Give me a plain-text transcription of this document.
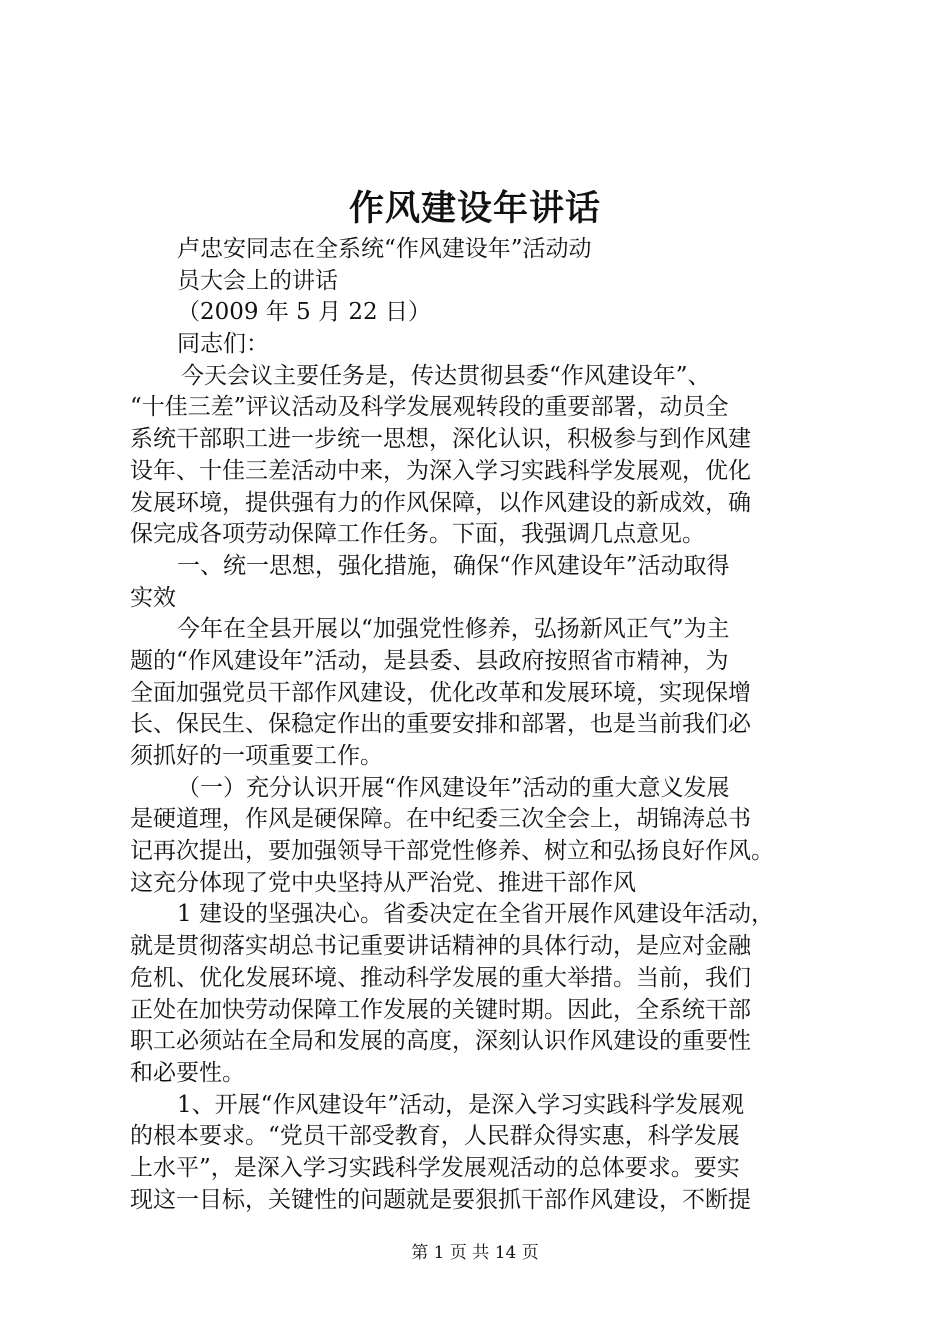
作风建设年讲话
卢忠安同志在全系统“作风建设年”活动动
员大会上的讲话
（2009 年 5 月 22 日）
同志们：
今天会议主要任务是，传达贯彻县委“作风建设年”、
“十佳三差”评议活动及科学发展观转段的重要部署，动员全
系统干部职工进一步统一思想，深化认识，积极参与到作风建
设年、十佳三差活动中来，为深入学习实践科学发展观，优化
发展环境，提供强有力的作风保障，以作风建设的新成效，确
保完成各项劳动保障工作任务。下面，我强调几点意见。
一、统一思想，强化措施，确保“作风建设年”活动取得
实效
今年在全县开展以“加强党性修养，弘扬新风正气”为主
题的“作风建设年”活动，是县委、县政府按照省市精神，为
全面加强党员干部作风建设，优化改革和发展环境，实现保增
长、保民生、保稳定作出的重要安排和部署，也是当前我们必
须抓好的一项重要工作。
（一）充分认识开展“作风建设年”活动的重大意义发展
是硬道理，作风是硬保障。在中纪委三次全会上，胡锦涛总书
记再次提出，要加强领导干部党性修养、树立和弘扬良好作风。
这充分体现了党中央坚持从严治党、推进干部作风
1 建设的坚强决心。省委决定在全省开展作风建设年活动，
就是贯彻落实胡总书记重要讲话精神的具体行动，是应对金融
危机、优化发展环境、推动科学发展的重大举措。当前，我们
正处在加快劳动保障工作发展的关键时期。因此，全系统干部
职工必须站在全局和发展的高度，深刻认识作风建设的重要性
和必要性。
1、开展“作风建设年”活动，是深入学习实践科学发展观
的根本要求。“党员干部受教育，人民群众得实惠，科学发展
上水平”，是深入学习实践科学发展观活动的总体要求。要实
现这一目标，关键性的问题就是要狠抓干部作风建设，不断提
第 1 页 共 14 页
